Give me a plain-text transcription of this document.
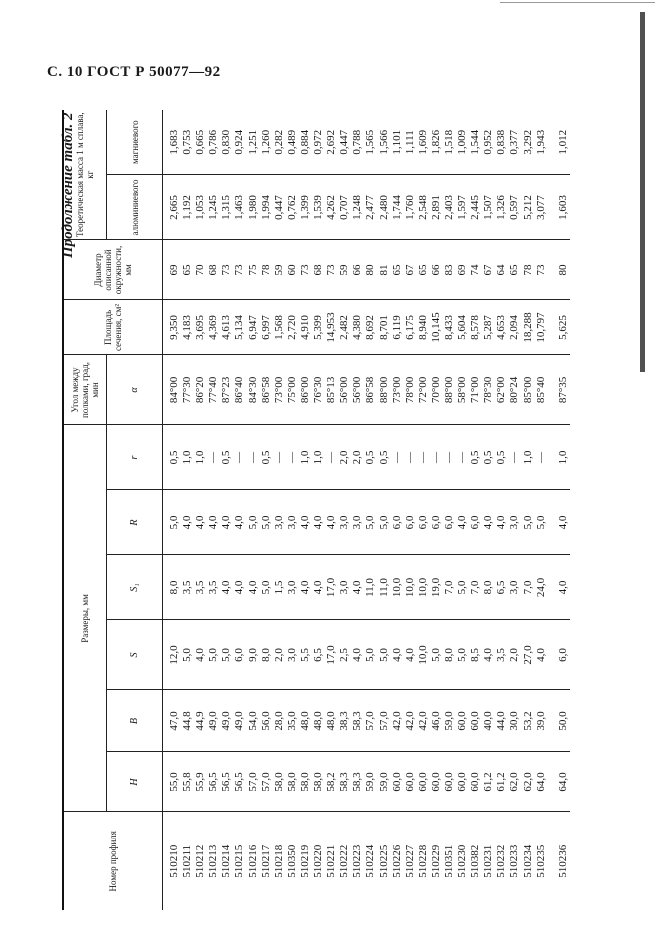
С. 10 ГОСТ Р 50077—92
Продолжение табл. 2
Номер профиля	Размеры, мм						Угол между полками, град, мин	Площадь сечения, см²	Диаметр описанной окружности, мм	Теоретическая масса 1 м сплава, кг	
	H	B	S	S₁	R	r	α			алюминиевого	магниевого
510210	55,0	47,0	12,0	8,0	5,0	0,5	84°00	9,350	69	2,665	1,683
510211	55,8	44,8	5,0	3,5	4,0	1,0	77°30	4,183	65	1,192	0,753
510212	55,9	44,9	4,0	3,5	4,0	1,0	86°20	3,695	70	1,053	0,665
510213	56,5	49,0	5,0	3,5	4,0	—	77°40	4,369	68	1,245	0,786
510214	56,5	49,0	5,0	4,0	4,0	0,5	87°23	4,613	73	1,315	0,830
510215	56,5	49,0	6,0	4,0	4,0	—	86°40	5,134	73	1,463	0,924
510216	57,0	54,0	9,0	4,0	5,0	—	84°30	6,947	75	1,980	1,251
510217	57,0	56,0	8,0	5,0	5,0	0,5	86°58	6,997	78	1,994	1,260
510218	58,0	28,0	2,0	1,5	3,0	—	73°00	1,568	59	0,447	0,282
510350	58,0	35,0	3,0	3,0	3,0	—	75°00	2,720	60	0,762	0,489
510219	58,0	48,0	5,5	4,0	4,0	1,0	86°00	4,910	73	1,399	0,884
510220	58,0	48,0	6,5	4,0	4,0	1,0	76°30	5,399	68	1,539	0,972
510221	58,2	48,0	17,0	17,0	4,0	—	85°13	14,953	73	4,262	2,692
510222	58,3	38,3	2,5	3,0	3,0	2,0	56°00	2,482	59	0,707	0,447
510223	58,3	58,3	4,0	4,0	3,0	2,0	56°00	4,380	66	1,248	0,788
510224	59,0	57,0	5,0	11,0	5,0	0,5	86°58	8,692	80	2,477	1,565
510225	59,0	57,0	5,0	11,0	5,0	0,5	88°00	8,701	81	2,480	1,566
510226	60,0	42,0	4,0	10,0	6,0	—	73°00	6,119	65	1,744	1,101
510227	60,0	42,0	4,0	10,0	6,0	—	78°00	6,175	67	1,760	1,111
510228	60,0	42,0	10,0	10,0	6,0	—	72°00	8,940	65	2,548	1,609
510229	60,0	46,0	5,0	19,0	6,0	—	70°00	10,145	66	2,891	1,826
510351	60,0	59,0	8,0	7,0	6,0	—	88°00	8,433	83	2,403	1,518
510230	60,0	60,0	5,0	5,0	4,0	—	58°00	5,604	69	1,597	1,009
510382	60,0	60,0	8,5	7,0	6,0	0,5	71°00	8,578	74	2,445	1,544
510231	61,2	40,0	4,0	8,0	4,0	0,5	78°30	5,287	67	1,507	0,952
510232	61,2	44,0	3,5	6,5	4,0	0,5	62°00	4,653	64	1,326	0,838
510233	62,0	30,0	2,0	3,0	3,0	—	80°24	2,094	65	0,597	0,377
510234	62,0	53,2	27,0	7,0	5,0	1,0	85°00	18,288	78	5,212	3,292
510235	64,0	39,0	4,0	24,0	5,0	—	85°40	10,797	73	3,077	1,943
510236	64,0	50,0	6,0	4,0	4,0	1,0	87°35	5,625	80	1,603	1,012
